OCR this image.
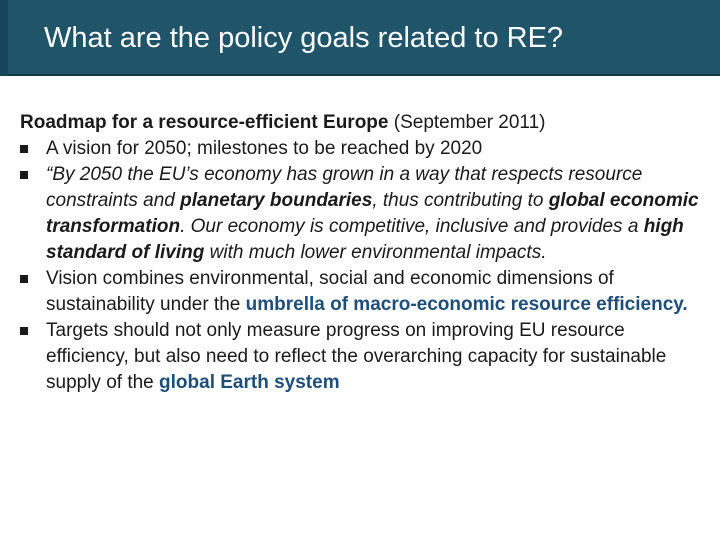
What are the policy goals related to RE?

Roadmap for a resource-efficient Europe (September 2011)

A vision for 2050; milestones to be reached by 2020
“By 2050 the EU’s economy has grown in a way that respects resource constraints and planetary boundaries, thus contributing to global economic transformation. Our economy is competitive, inclusive and provides a high standard of living with much lower environmental impacts.
Vision combines environmental, social and economic dimensions of sustainability under the umbrella of macro-economic resource efficiency.
Targets should not only measure progress on improving EU resource efficiency, but also need to reflect the overarching capacity for sustainable supply of the global Earth system
